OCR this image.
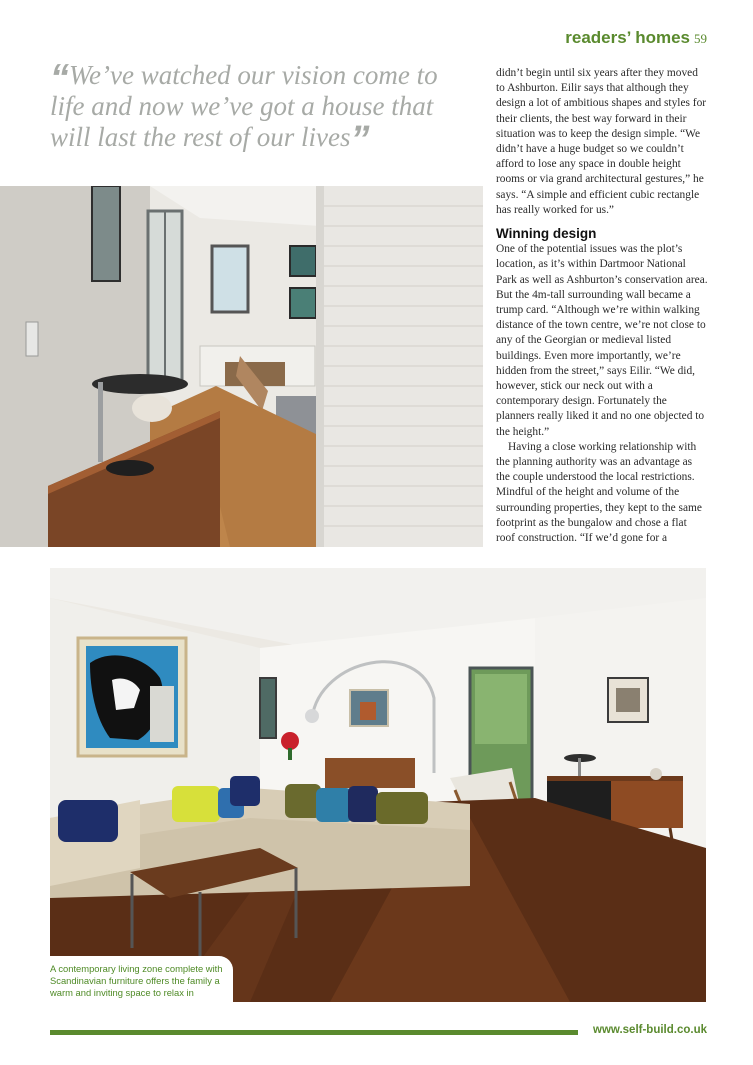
readers’ homes 59
“We’ve watched our vision come to life and now we’ve got a house that will last the rest of our lives”

didn’t begin until six years after they moved to Ashburton. Eilir says that although they design a lot of ambitious shapes and styles for their clients, the best way forward in their situation was to keep the design simple. “We didn’t have a huge budget so we couldn’t afford to lose any space in double height rooms or via grand architectural gestures,” he says. “A simple and efficient cubic rectangle has really worked for us.”

Winning design

One of the potential issues was the plot’s location, as it’s within Dartmoor National Park as well as Ashburton’s conservation area. But the 4m-tall surrounding wall became a trump card. “Although we’re within walking distance of the town centre, we’re not close to any of the Georgian or medieval listed buildings. Even more importantly, we’re hidden from the street,” says Eilir. “We did, however, stick our neck out with a contemporary design. Fortunately the planners really liked it and no one objected to the height.”

Having a close working relationship with the planning authority was an advantage as the couple understood the local restrictions. Mindful of the height and volume of the surrounding properties, they kept to the same footprint as the bungalow and chose a flat roof construction. “If we’d gone for a

A contemporary living zone complete with Scandinavian furniture offers the family a warm and inviting space to relax in
www.self-build.co.uk
